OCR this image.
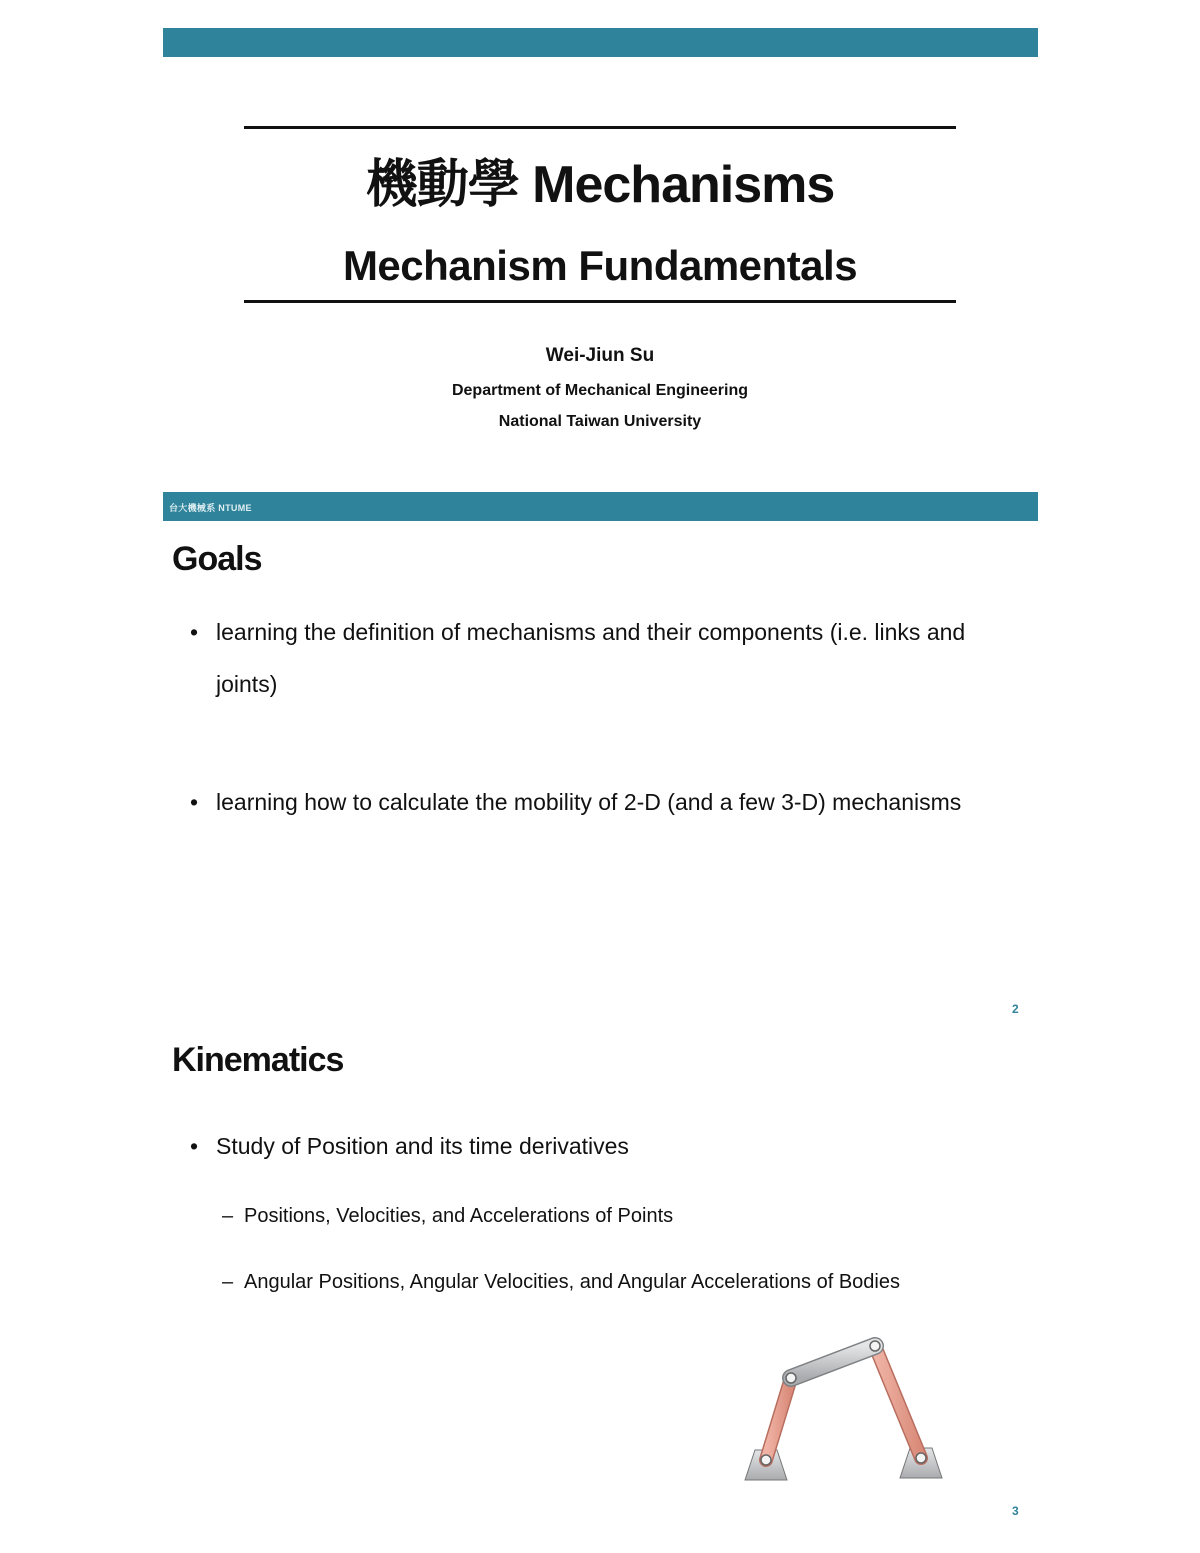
機動學 Mechanisms
Mechanism Fundamentals
Wei-Jiun Su
Department of Mechanical Engineering
National Taiwan University
台大機械系 NTUME
Goals
• learning the definition of mechanisms and their components (i.e. links and joints)
• learning how to calculate the mobility of 2-D (and a few 3-D) mechanisms
2
Kinematics
• Study of Position and its time derivatives
– Positions, Velocities, and Accelerations of Points
– Angular Positions, Angular Velocities, and Angular Accelerations of Bodies
3
